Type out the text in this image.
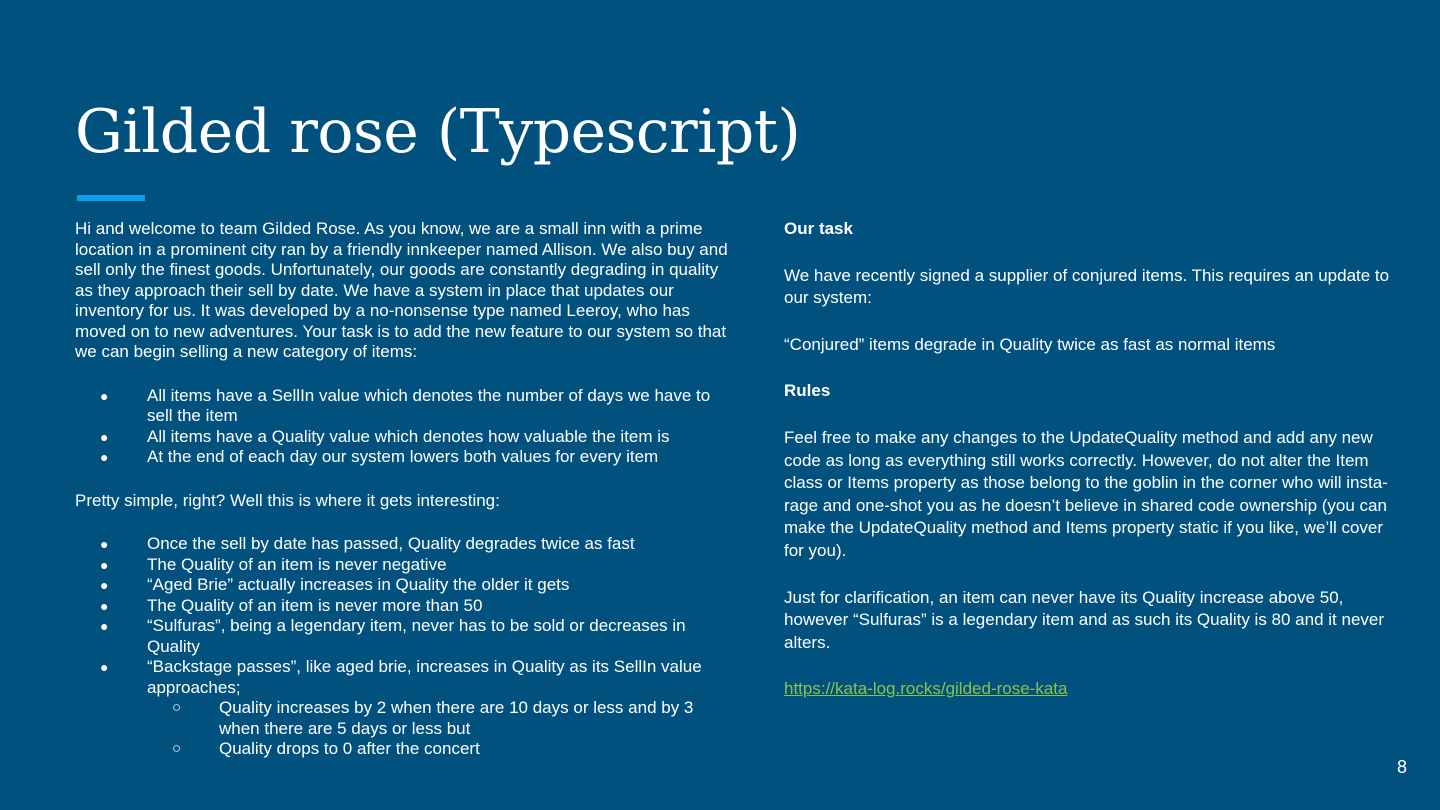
Gilded rose (Typescript)

Hi and welcome to team Gilded Rose. As you know, we are a small inn with a prime location in a prominent city ran by a friendly innkeeper named Allison. We also buy and sell only the finest goods. Unfortunately, our goods are constantly degrading in quality as they approach their sell by date. We have a system in place that updates our inventory for us. It was developed by a no-nonsense type named Leeroy, who has moved on to new adventures. Your task is to add the new feature to our system so that we can begin selling a new category of items:

● All items have a SellIn value which denotes the number of days we have to sell the item
● All items have a Quality value which denotes how valuable the item is
● At the end of each day our system lowers both values for every item

Pretty simple, right? Well this is where it gets interesting:

● Once the sell by date has passed, Quality degrades twice as fast
● The Quality of an item is never negative
● “Aged Brie” actually increases in Quality the older it gets
● The Quality of an item is never more than 50
● “Sulfuras”, being a legendary item, never has to be sold or decreases in Quality
● “Backstage passes”, like aged brie, increases in Quality as its SellIn value approaches;
○ Quality increases by 2 when there are 10 days or less and by 3 when there are 5 days or less but
○ Quality drops to 0 after the concert

Our task

We have recently signed a supplier of conjured items. This requires an update to our system:

“Conjured” items degrade in Quality twice as fast as normal items

Rules

Feel free to make any changes to the UpdateQuality method and add any new code as long as everything still works correctly. However, do not alter the Item class or Items property as those belong to the goblin in the corner who will insta-rage and one-shot you as he doesn’t believe in shared code ownership (you can make the UpdateQuality method and Items property static if you like, we’ll cover for you).

Just for clarification, an item can never have its Quality increase above 50, however “Sulfuras” is a legendary item and as such its Quality is 80 and it never alters.

https://kata-log.rocks/gilded-rose-kata

8
